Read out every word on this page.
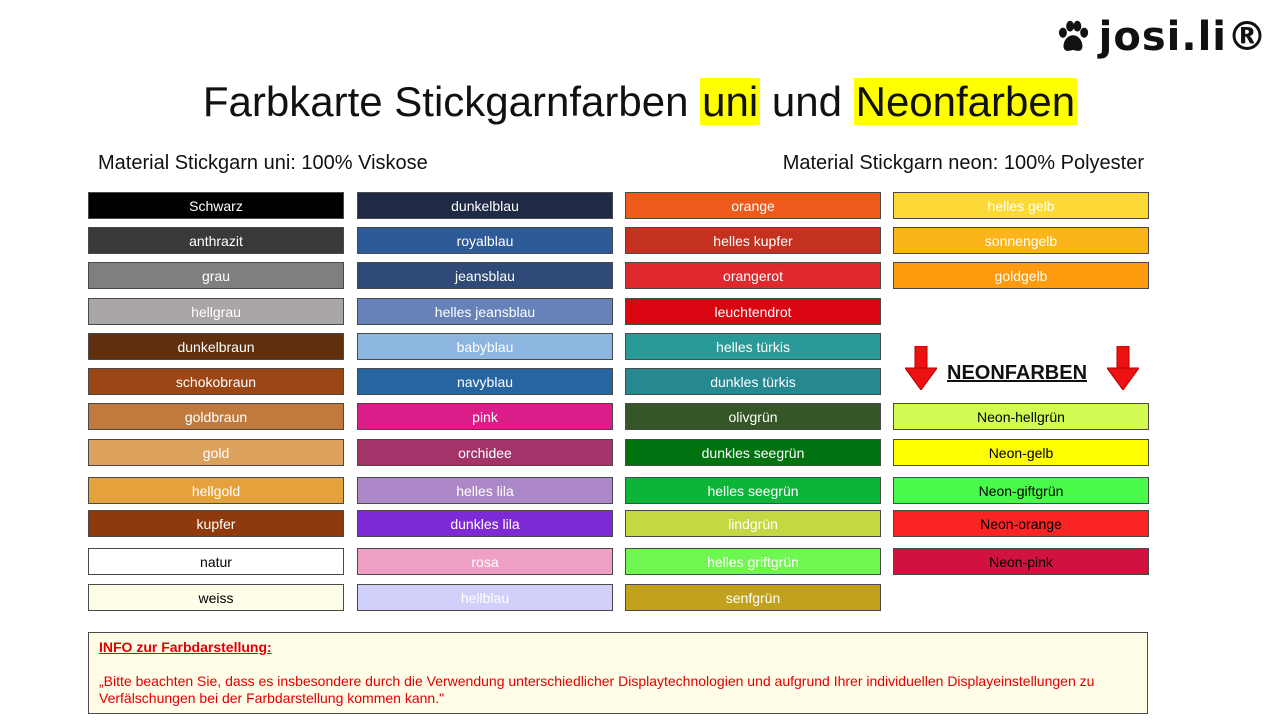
josi.li®
Farbkarte Stickgarnfarben uni und Neonfarben
Material Stickgarn uni: 100% Viskose	Material Stickgarn neon: 100% Polyester
Schwarz
anthrazit
grau
hellgrau
dunkelbraun
schokobraun
goldbraun
gold
hellgold
kupfer
natur
weiss
dunkelblau
royalblau
jeansblau
helles jeansblau
babyblau
navyblau
pink
orchidee
helles lila
dunkles lila
rosa
hellblau
orange
helles kupfer
orangerot
leuchtendrot
helles türkis
dunkles türkis
olivgrün
dunkles seegrün
helles seegrün
lindgrün
helles griftgrün
senfgrün
helles gelb
sonnengelb
goldgelb
Neon-hellgrün
Neon-gelb
Neon-giftgrün
Neon-orange
Neon-pink
NEONFARBEN
INFO zur Farbdarstellung:
„Bitte beachten Sie, dass es insbesondere durch die Verwendung unterschiedlicher Displaytechnologien und aufgrund Ihrer individuellen Displayeinstellungen zu Verfälschungen bei der Farbdarstellung kommen kann."
